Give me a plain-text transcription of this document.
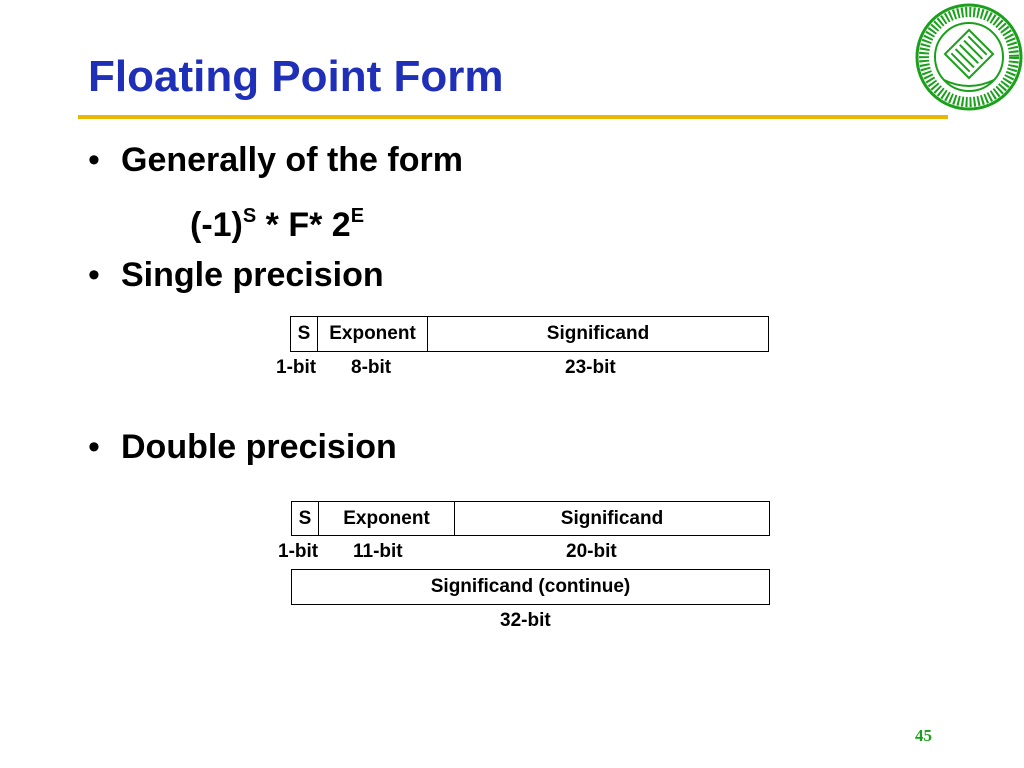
Floating Point Form
• Generally of the form
$(-1)^S * F*$ $2^E$
• Single precision
S Exponent	Significand
1-bit 8-bit	23-bit
• Double precision
S	Exponent	Significand
1-bit 11-bit	20-bit
Significand (continue)
32-bit
45
